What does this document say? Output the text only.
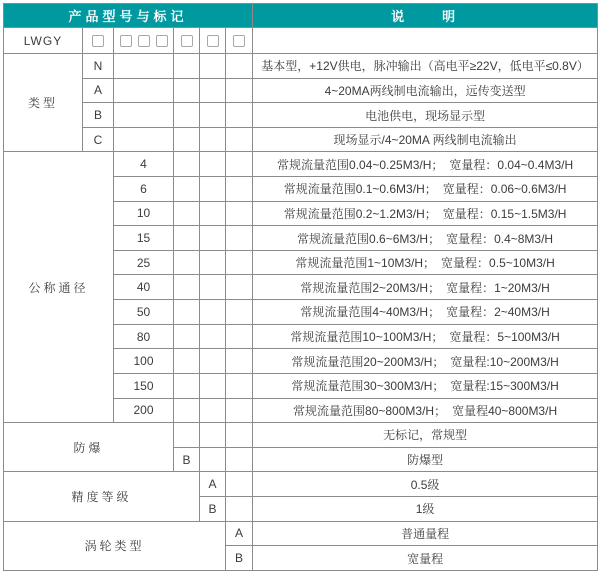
产品型号与标记						说　　明
LWGY						
类型	N					基本型，+12V供电，脉冲输出（高电平≥22V，低电平≤0.8V）
	A					4~20MA两线制电流输出，远传变送型
	B					电池供电，现场显示型
	C					现场显示/4~20MA 两线制电流输出
公称通径		4				常规流量范围0.04~0.25M3/H；　宽量程：0.04~0.4M3/H
		6				常规流量范围0.1~0.6M3/H；　宽量程：0.06~0.6M3/H
		10				常规流量范围0.2~1.2M3/H；　宽量程：0.15~1.5M3/H
		15				常规流量范围0.6~6M3/H；　宽量程：0.4~8M3/H
		25				常规流量范围1~10M3/H；　宽量程：0.5~10M3/H
		40				常规流量范围2~20M3/H；　宽量程：1~20M3/H
		50				常规流量范围4~40M3/H；　宽量程：2~40M3/H
		80				常规流量范围10~100M3/H；　宽量程：5~100M3/H
		100				常规流量范围20~200M3/H；　宽量程:10~200M3/H
		150				常规流量范围30~300M3/H；　宽量程:15~300M3/H
		200				常规流量范围80~800M3/H；　宽量程40~800M3/H
防爆						无标记，常规型
			B			防爆型
精度等级				A		0.5级
				B		1级
涡轮类型					A	普通量程
					B	宽量程
